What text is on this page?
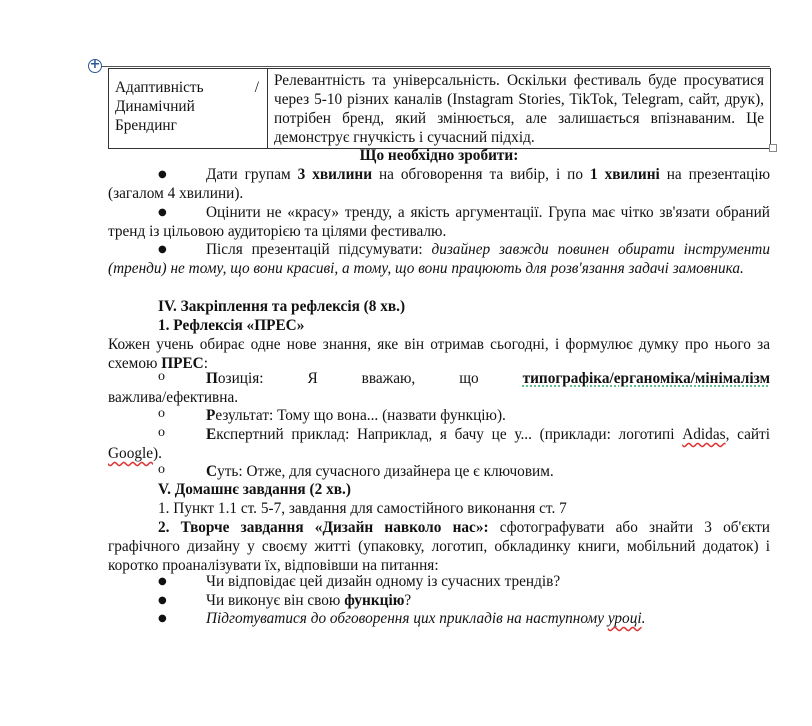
+
Адаптивність	/

Динамічний
Брендинг	Релевантність та універсальність. Оскільки фестиваль буде просуватися через 5-10 різних каналів (Instagram Stories, TikTok, Telegram, сайт, друк), потрібен бренд, який змінюється, але залишається впізнаваним. Це демонструє гнучкість і сучасний підхід.
Що необхідно зробити:
●	Дати групам 3 хвилини на обговорення та вибір, і по 1 хвилині на презентацію (загалом 4 хвилини).
●	Оцінити не «красу» тренду, а якість аргументації. Група має чітко зв'язати обраний тренд із цільовою аудиторією та цілями фестивалю.
●	Після презентацій підсумувати: дизайнер завжди повинен обирати інструменти (тренди) не тому, що вони красиві, а тому, що вони працюють для розв'язання задачі замовника.
IV. Закріплення та рефлексія (8 хв.)
1. Рефлексія «ПРЕС»
Кожен учень обирає одне нове знання, яке він отримав сьогодні, і формулює думку про нього за схемою ПРЕС:
o	Позиція: Я вважаю, що типографіка/ерганоміка/мінімалізм
важлива/ефективна.
o	Результат: Тому що вона... (назвати функцію).
o	Експертний приклад: Наприклад, я бачу це у... (приклади: логотипі Adidas, сайті Google).
o	Суть: Отже, для сучасного дизайнера це є ключовим.
V. Домашнє завдання (2 хв.)
1. Пункт 1.1 ст. 5-7, завдання для самостійного виконання ст. 7
2. Творче завдання «Дизайн навколо нас»: сфотографувати або знайти 3 об'єкти графічного дизайну у своєму житті (упаковку, логотип, обкладинку книги, мобільний додаток) і коротко проаналізувати їх, відповівши на питання:
●	Чи відповідає цей дизайн одному із сучасних трендів?
●	Чи виконує він свою функцію?
●	Підготуватися до обговорення цих прикладів на наступному уроці.
